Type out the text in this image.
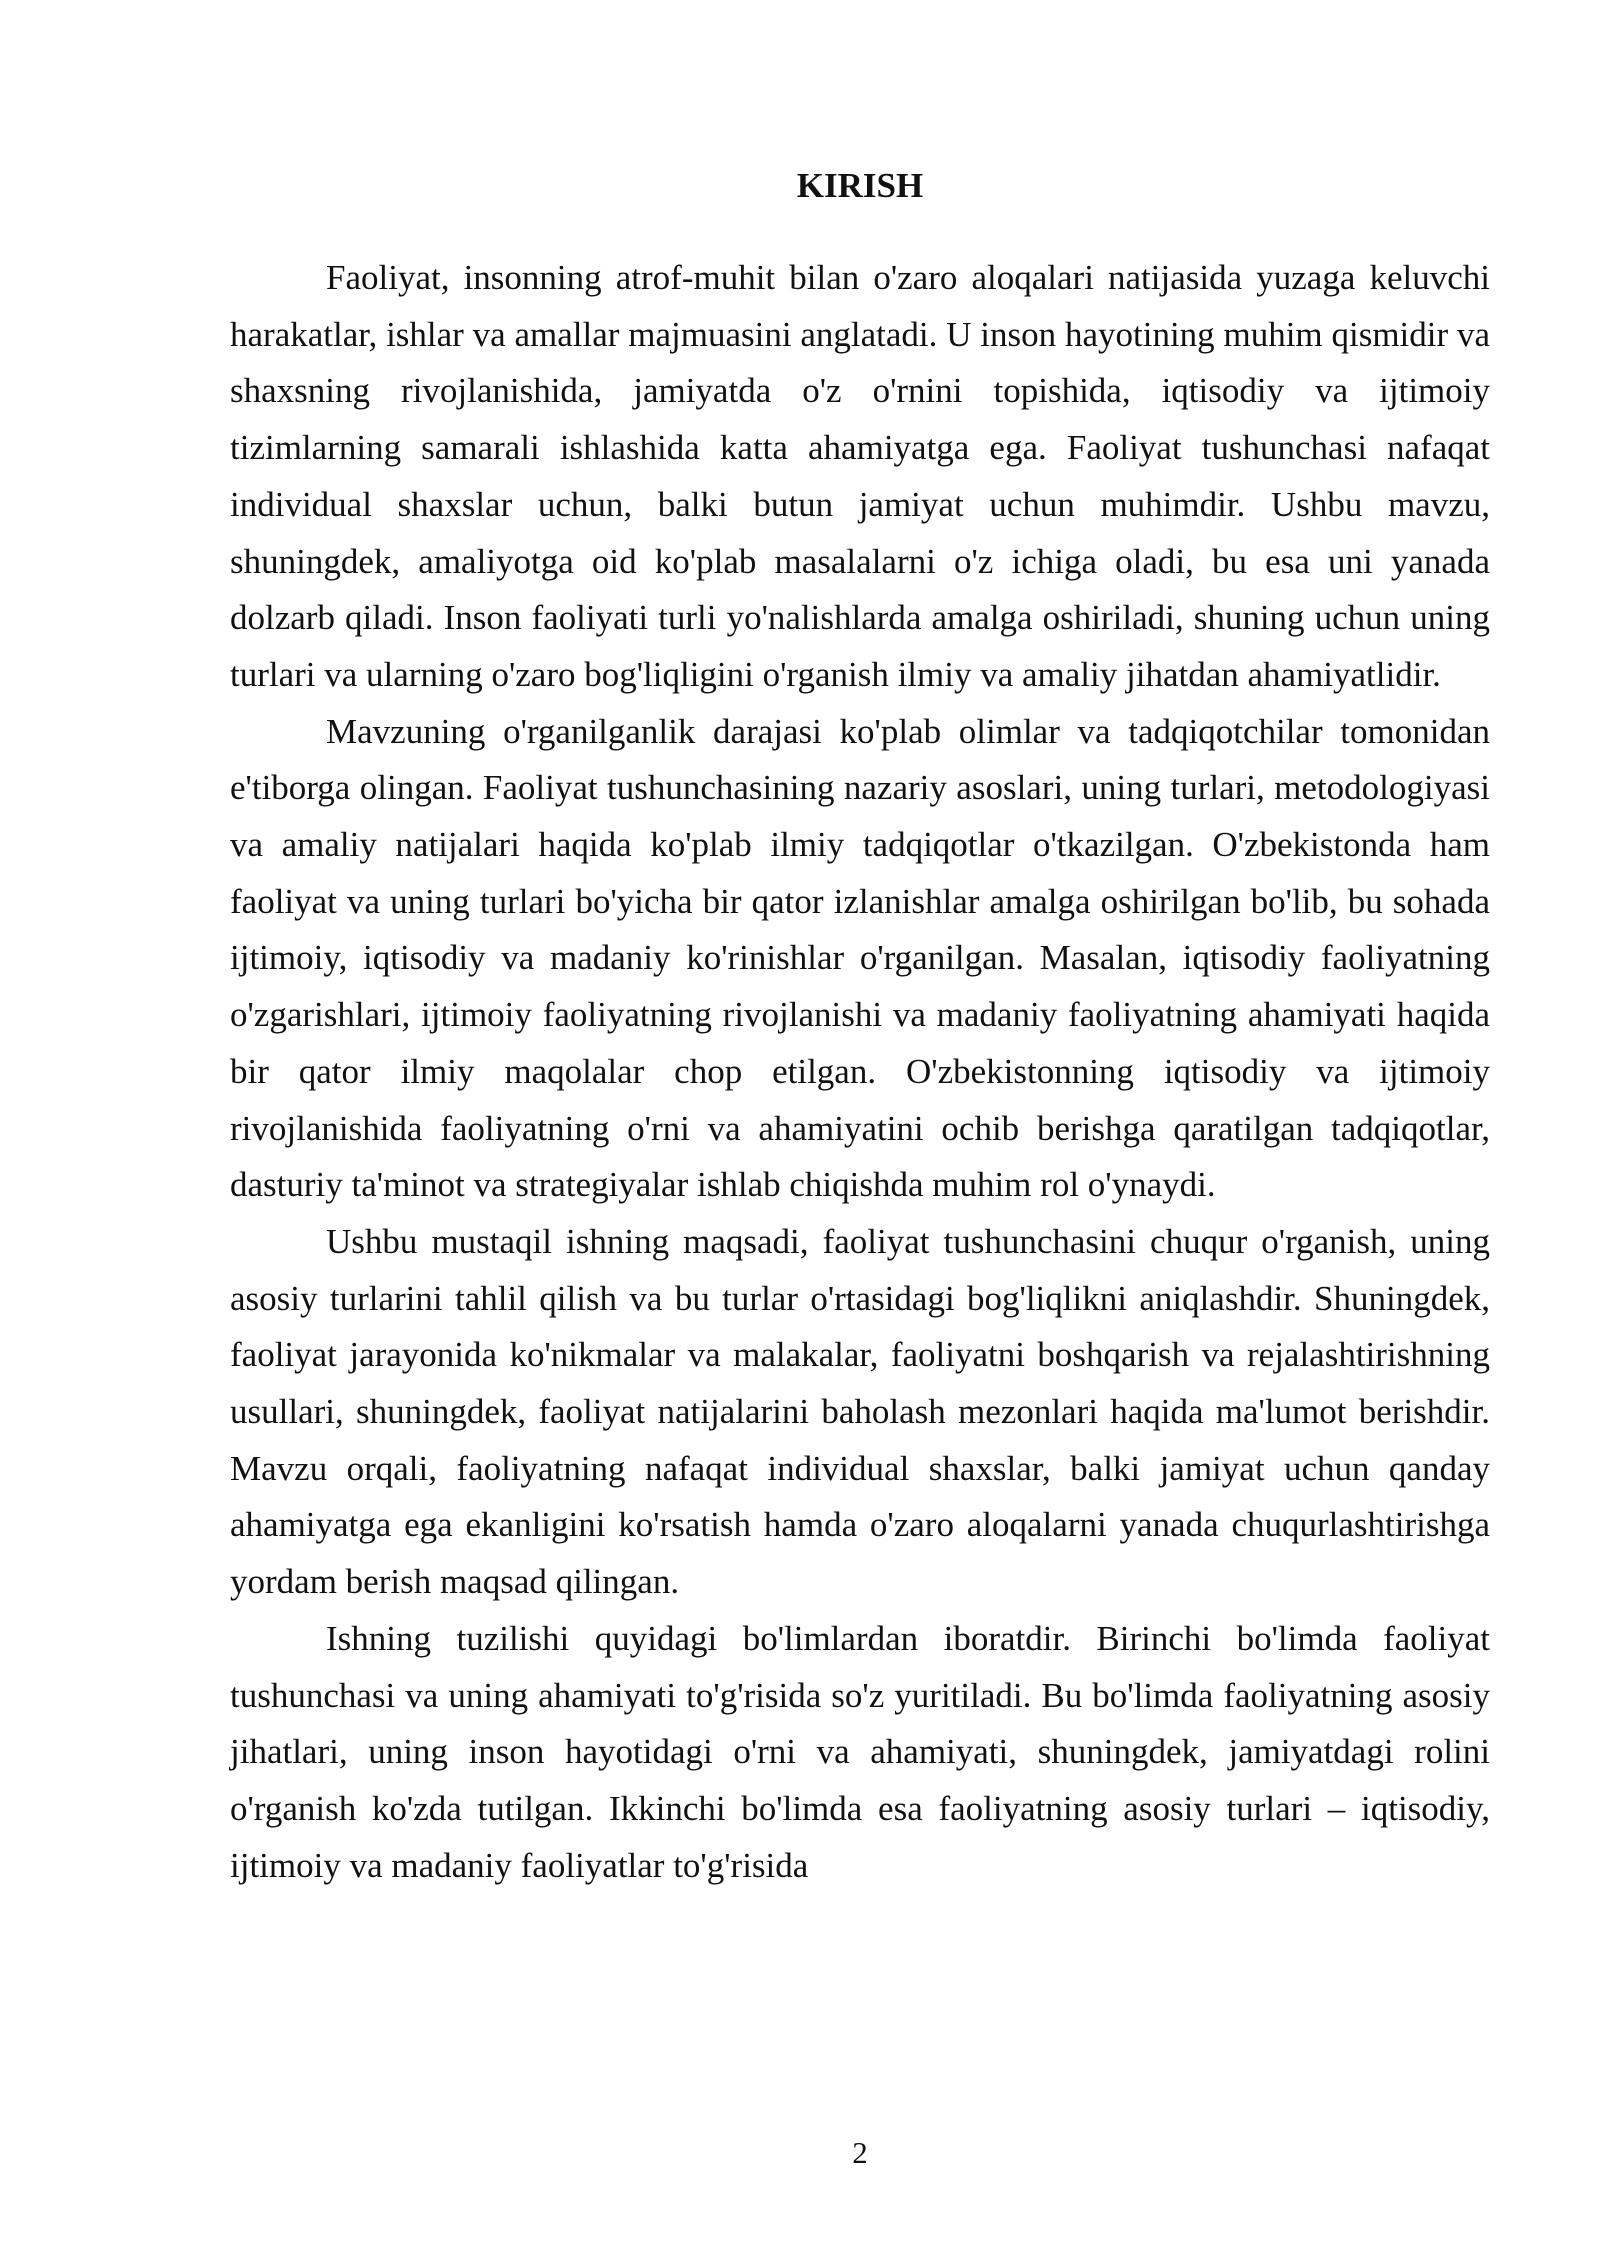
KIRISH

Faoliyat, insonning atrof-muhit bilan o'zaro aloqalari natijasida yuzaga keluvchi harakatlar, ishlar va amallar majmuasini anglatadi. U inson hayotining muhim qismidir va shaxsning rivojlanishida, jamiyatda o'z o'rnini topishida, iqtisodiy va ijtimoiy tizimlarning samarali ishlashida katta ahamiyatga ega. Faoliyat tushunchasi nafaqat individual shaxslar uchun, balki butun jamiyat uchun muhimdir. Ushbu mavzu, shuningdek, amaliyotga oid ko'plab masalalarni o'z ichiga oladi, bu esa uni yanada dolzarb qiladi. Inson faoliyati turli yo'nalishlarda amalga oshiriladi, shuning uchun uning turlari va ularning o'zaro bog'liqligini o'rganish ilmiy va amaliy jihatdan ahamiyatlidir.

Mavzuning o'rganilganlik darajasi ko'plab olimlar va tadqiqotchilar tomonidan e'tiborga olingan. Faoliyat tushunchasining nazariy asoslari, uning turlari, metodologiyasi va amaliy natijalari haqida ko'plab ilmiy tadqiqotlar o'tkazilgan. O'zbekistonda ham faoliyat va uning turlari bo'yicha bir qator izlanishlar amalga oshirilgan bo'lib, bu sohada ijtimoiy, iqtisodiy va madaniy ko'rinishlar o'rganilgan. Masalan, iqtisodiy faoliyatning o'zgarishlari, ijtimoiy faoliyatning rivojlanishi va madaniy faoliyatning ahamiyati haqida bir qator ilmiy maqolalar chop etilgan. O'zbekistonning iqtisodiy va ijtimoiy rivojlanishida faoliyatning o'rni va ahamiyatini ochib berishga qaratilgan tadqiqotlar, dasturiy ta'minot va strategiyalar ishlab chiqishda muhim rol o'ynaydi.

Ushbu mustaqil ishning maqsadi, faoliyat tushunchasini chuqur o'rganish, uning asosiy turlarini tahlil qilish va bu turlar o'rtasidagi bog'liqlikni aniqlashdir. Shuningdek, faoliyat jarayonida ko'nikmalar va malakalar, faoliyatni boshqarish va rejalashtirishning usullari, shuningdek, faoliyat natijalarini baholash mezonlari haqida ma'lumot berishdir. Mavzu orqali, faoliyatning nafaqat individual shaxslar, balki jamiyat uchun qanday ahamiyatga ega ekanligini ko'rsatish hamda o'zaro aloqalarni yanada chuqurlashtirishga yordam berish maqsad qilingan.

Ishning tuzilishi quyidagi bo'limlardan iboratdir. Birinchi bo'limda faoliyat tushunchasi va uning ahamiyati to'g'risida so'z yuritiladi. Bu bo'limda faoliyatning asosiy jihatlari, uning inson hayotidagi o'rni va ahamiyati, shuningdek, jamiyatdagi rolini o'rganish ko'zda tutilgan. Ikkinchi bo'limda esa faoliyatning asosiy turlari – iqtisodiy, ijtimoiy va madaniy faoliyatlar to'g'risida

2
